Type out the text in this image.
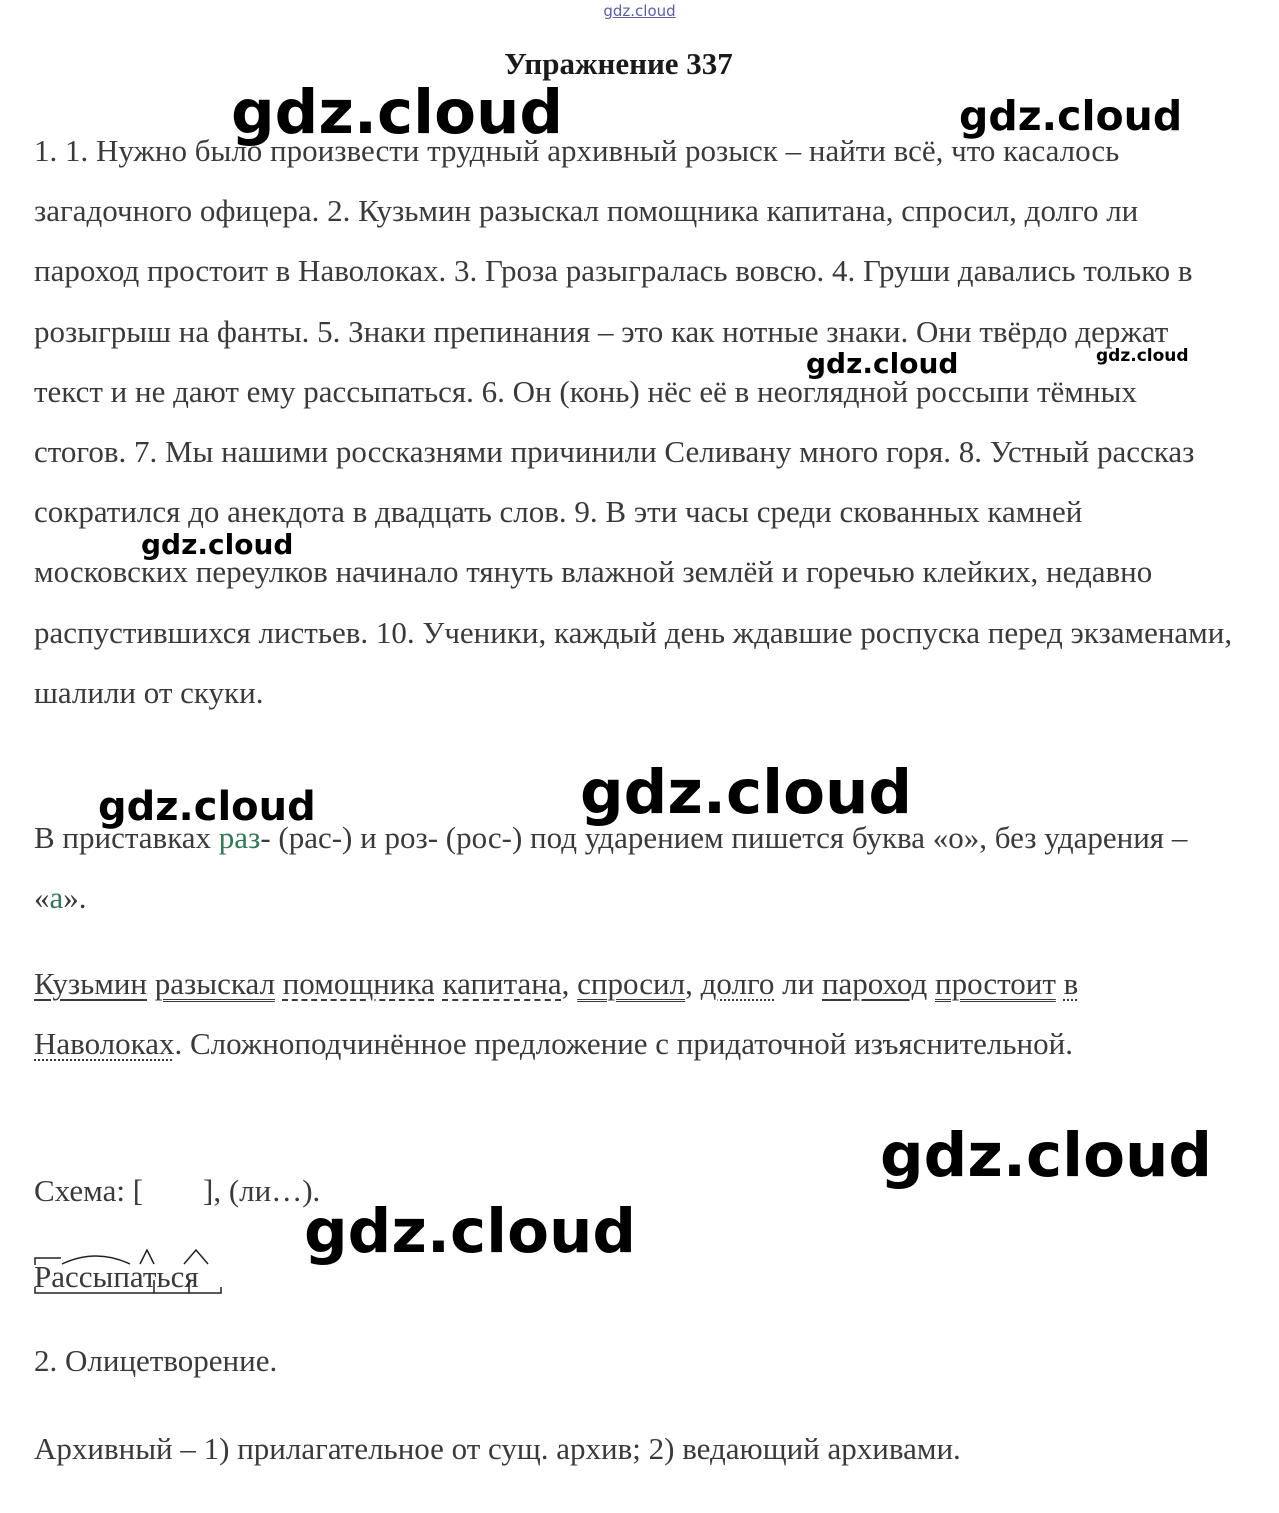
gdz.cloud
Упражнение 337

1. 1. Нужно было произвести трудный архивный розыск – найти всё, что касалось загадочного офицера. 2. Кузьмин разыскал помощника капитана, спросил, долго ли пароход простоит в Наволоках. 3. Гроза разыгралась вовсю. 4. Груши давались только в розыгрыш на фанты. 5. Знаки препинания – это как нотные знаки. Они твёрдо держат текст и не дают ему рассыпаться. 6. Он (конь) нёс её в неоглядной россыпи тёмных стогов. 7. Мы нашими россказнями причинили Селивану много горя. 8. Устный рассказ сократился до анекдота в двадцать слов. 9. В эти часы среди скованных камней московских переулков начинало тянуть влажной землёй и горечью клейких, недавно распустившихся листьев. 10. Ученики, каждый день ждавшие роспуска перед экзаменами, шалили от скуки.

В приставках раз- (рас-) и роз- (рос-) под ударением пишется буква «о», без ударения – «а».

Кузьмин разыскал помощника капитана, спросил, долго ли пароход простоит в Наволоках. Сложноподчинённое предложение с придаточной изъяснительной.

Схема: [ ], (ли…).

Рассыпаться

2. Олицетворение.

Архивный – 1) прилагательное от сущ. архив; 2) ведающий архивами.

gdz.cloud	gdz.cloud
gdz.cloud	gdz.cloud
gdz.cloud
gdz.cloud	gdz.cloud
gdz.cloud
gdz.cloud
